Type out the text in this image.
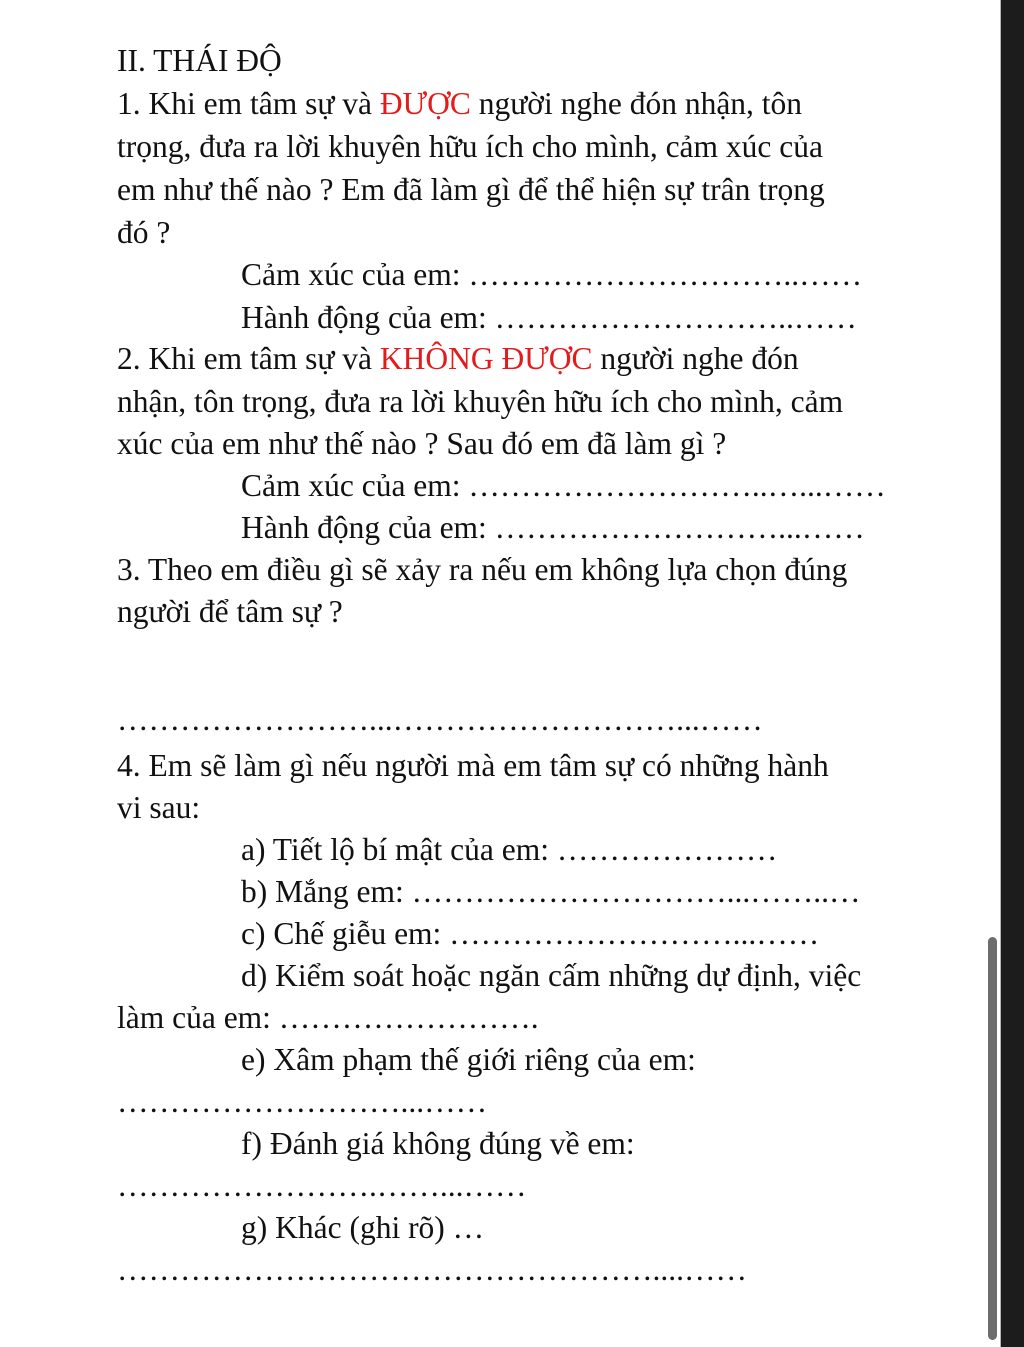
II. THÁI ĐỘ
1. Khi em tâm sự và ĐƯỢC người nghe đón nhận, tôn
trọng, đưa ra lời khuyên hữu ích cho mình, cảm xúc của
em như thế nào ? Em đã làm gì để thể hiện sự trân trọng
đó ?
Cảm xúc của em: …………………………..……
Hành động của em: ………………………..……
2. Khi em tâm sự và KHÔNG ĐƯỢC người nghe đón
nhận, tôn trọng, đưa ra lời khuyên hữu ích cho mình, cảm
xúc của em như thế nào ? Sau đó em đã làm gì ?
Cảm xúc của em: ………………………..…...……
Hành động của em: ………………………...……
3. Theo em điều gì sẽ xảy ra nếu em không lựa chọn đúng
người để tâm sự ?
……………………...………………………...……
4. Em sẽ làm gì nếu người mà em tâm sự có những hành
vi sau:
a) Tiết lộ bí mật của em: …………………
b) Mắng em: …………………………...……..…
c) Chế giễu em: ………………………...……
d) Kiểm soát hoặc ngăn cấm những dự định, việc
làm của em: …………………….
e) Xâm phạm thế giới riêng của em:
………………………...……
f) Đánh giá không đúng về em:
…………………….……...……
g) Khác (ghi rõ) …
……………………………………………....……
